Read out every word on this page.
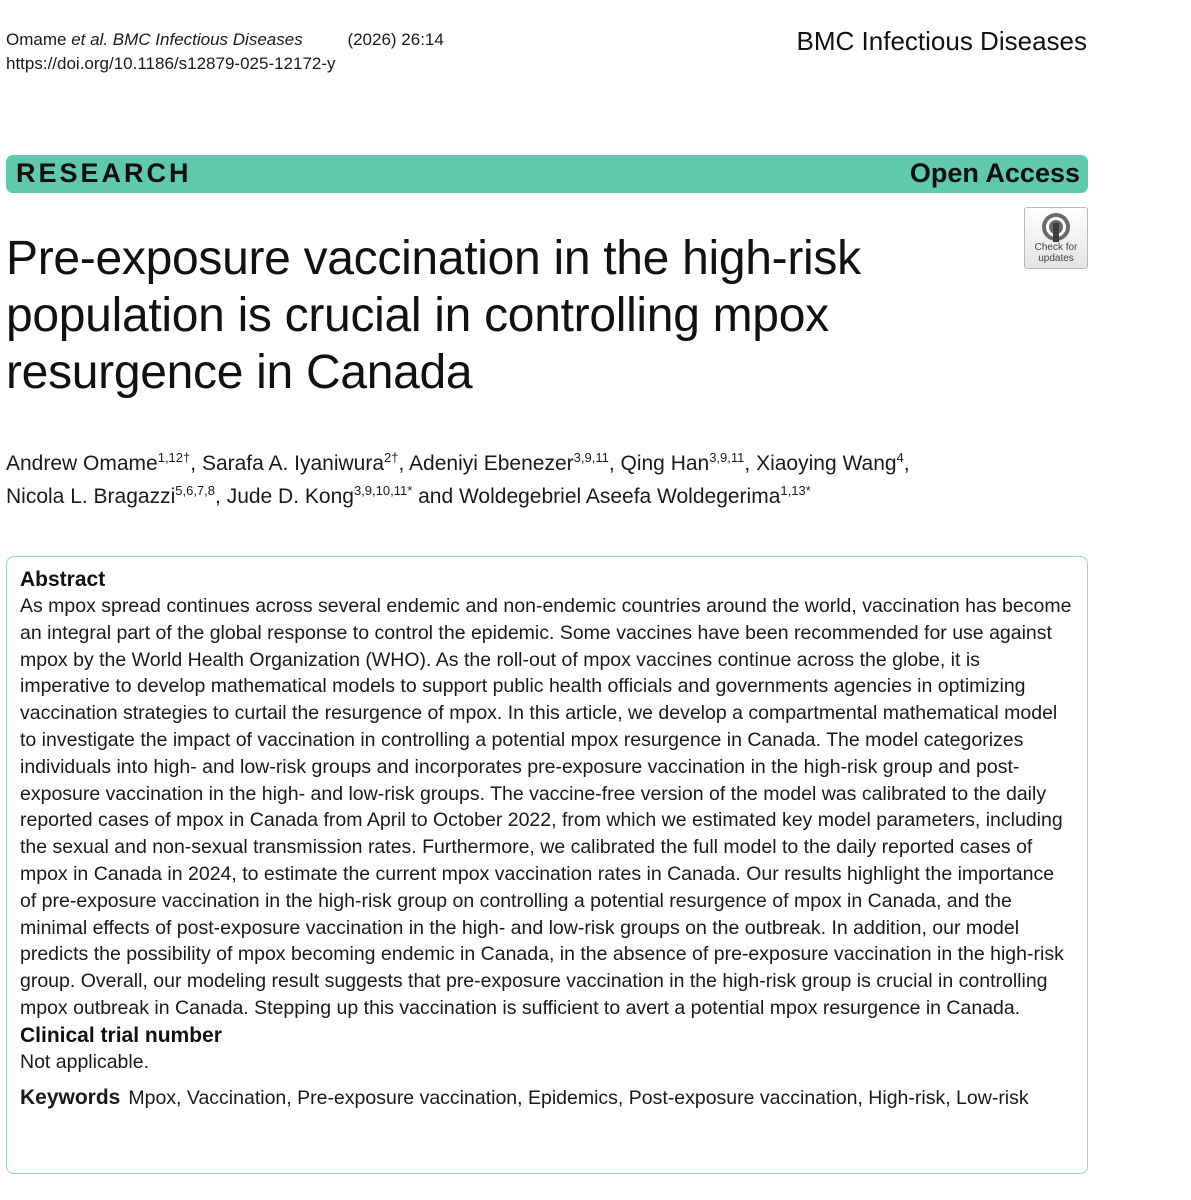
Omame et al. BMC Infectious Diseases	(2026) 26:14
https://doi.org/10.1186/s12879-025-12172-y
BMC Infectious Diseases
RESEARCH	Open Access
Check for
updates
Pre-exposure vaccination in the high-risk population is crucial in controlling mpox resurgence in Canada
Andrew Omame$^{1,12\dagger}$, Sarafa A. Iyaniwura$^{2\dagger}$, Adeniyi Ebenezer$^{3,9,11}$, Qing Han$^{3,9,11}$, Xiaoying Wang$^4$,
Nicola L. Bragazzi$^{5,6,7,8}$, Jude D. Kong$^{3,9,10,11*}$ and Woldegebriel Aseefa Woldegerima$^{1,13*}$
Abstract
As mpox spread continues across several endemic and non-endemic countries around the world, vaccination has become an integral part of the global response to control the epidemic. Some vaccines have been recommended for use against mpox by the World Health Organization (WHO). As the roll-out of mpox vaccines continue across the globe, it is imperative to develop mathematical models to support public health officials and governments agencies in optimizing vaccination strategies to curtail the resurgence of mpox. In this article, we develop a compartmental mathematical model to investigate the impact of vaccination in controlling a potential mpox resurgence in Canada. The model categorizes individuals into high- and low-risk groups and incorporates pre-exposure vaccination in the high-risk group and post-exposure vaccination in the high- and low-risk groups. The vaccine-free version of the model was calibrated to the daily reported cases of mpox in Canada from April to October 2022, from which we estimated key model parameters, including the sexual and non-sexual transmission rates. Furthermore, we calibrated the full model to the daily reported cases of mpox in Canada in 2024, to estimate the current mpox vaccination rates in Canada. Our results highlight the importance of pre-exposure vaccination in the high-risk group on controlling a potential resurgence of mpox in Canada, and the minimal effects of post-exposure vaccination in the high- and low-risk groups on the outbreak. In addition, our model predicts the possibility of mpox becoming endemic in Canada, in the absence of pre-exposure vaccination in the high-risk group. Overall, our modeling result suggests that pre-exposure vaccination in the high-risk group is crucial in controlling mpox outbreak in Canada. Stepping up this vaccination is sufficient to avert a potential mpox resurgence in Canada.
Clinical trial number
Not applicable.
Keywords Mpox, Vaccination, Pre-exposure vaccination, Epidemics, Post-exposure vaccination, High-risk, Low-risk
